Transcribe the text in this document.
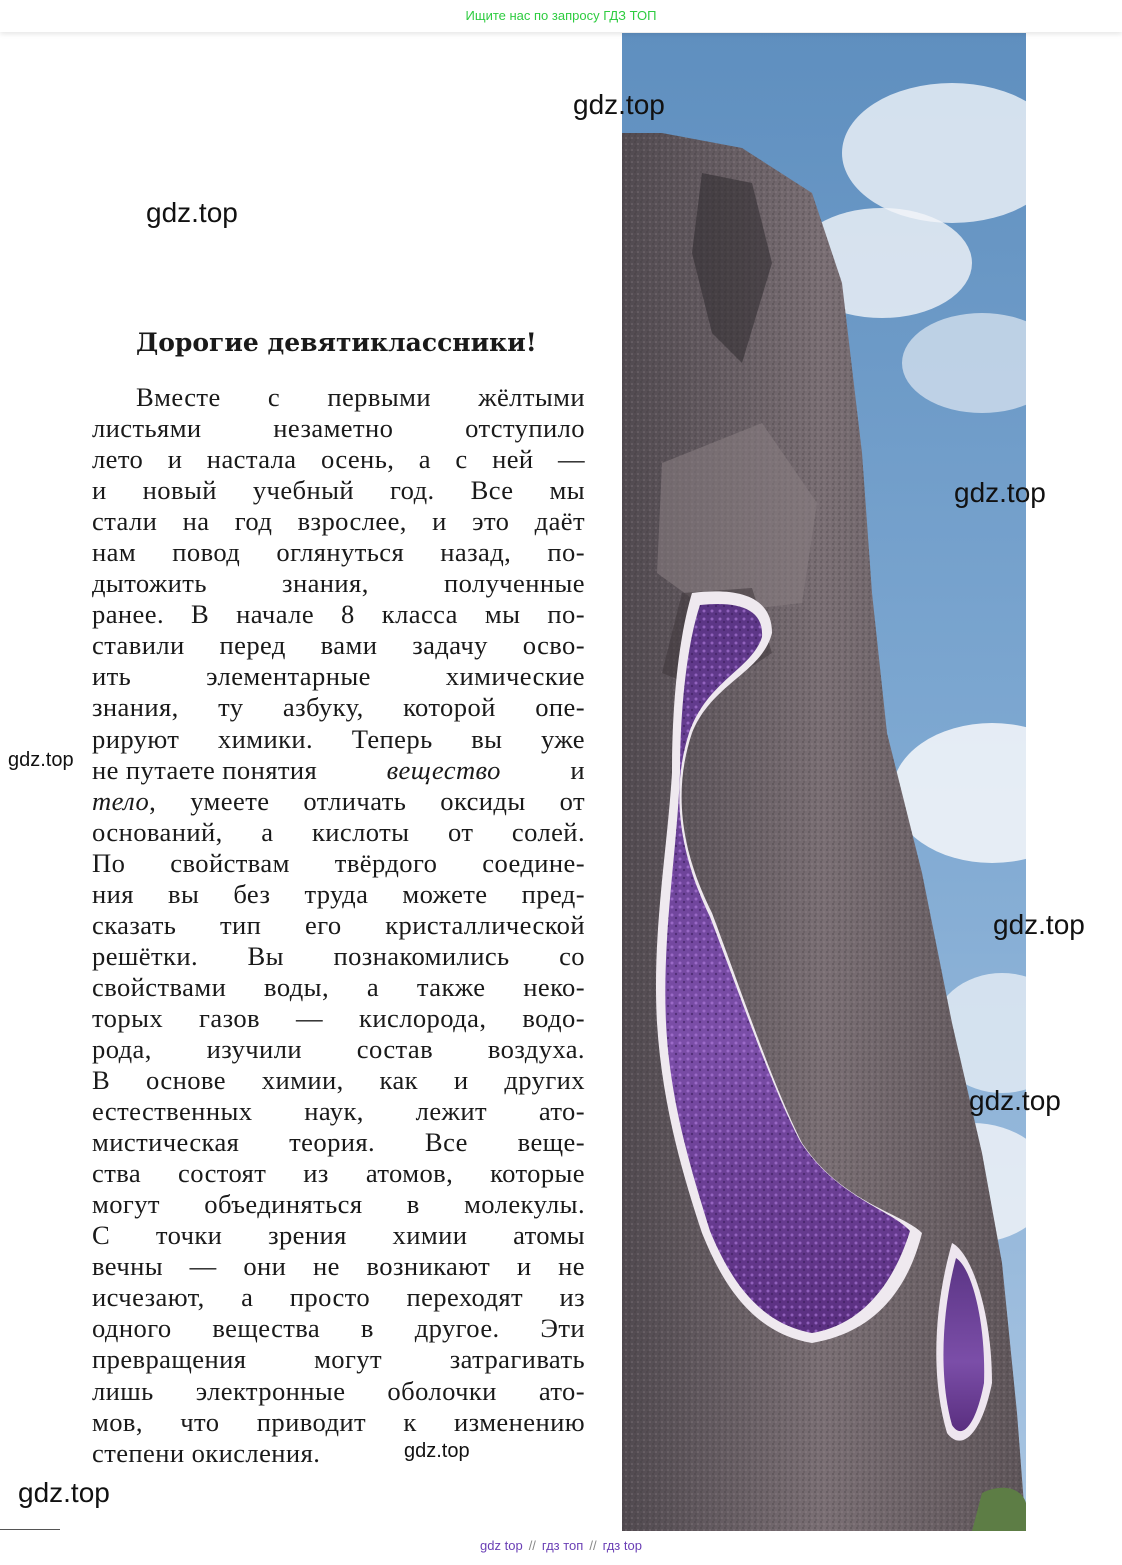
Ищите нас по запросу ГДЗ ТОП
gdz.top
gdz.top
gdz.top
gdz.top
gdz.top
gdz.top
gdz.top
gdz.top
Дорогие девятиклассники!
Вместе с первыми жёлтыми
листьями незаметно отступило
лето и настала осень, а с ней —
и новый учебный год. Все мы
стали на год взрослее, и это даёт
нам повод оглянуться назад, по-
дытожить знания, полученные
ранее. В начале 8 класса мы по-
ставили перед вами задачу осво-
ить элементарные химические
знания, ту азбуку, которой опе-
рируют химики. Теперь вы уже
не путаете понятия	вещество	и
тело , умеете отличать оксиды от
оснований, а кислоты от солей.
По свойствам твёрдого соедине-
ния вы без труда можете пред-
сказать тип его кристаллической
решётки. Вы познакомились со
свойствами воды, а также неко-
торых газов — кислорода, водо-
рода, изучили состав воздуха.
В основе химии, как и других
естественных наук, лежит ато-
мистическая теория. Все веще-
ства состоят из атомов, которые
могут объединяться в молекулы.
С точки зрения химии атомы
вечны — они не возникают и не
исчезают, а просто переходят из
одного вещества в другое. Эти
превращения могут затрагивать
лишь электронные оболочки ато-
мов, что приводит к изменению
степени окисления.
gdz top // гдз топ // гдз top
